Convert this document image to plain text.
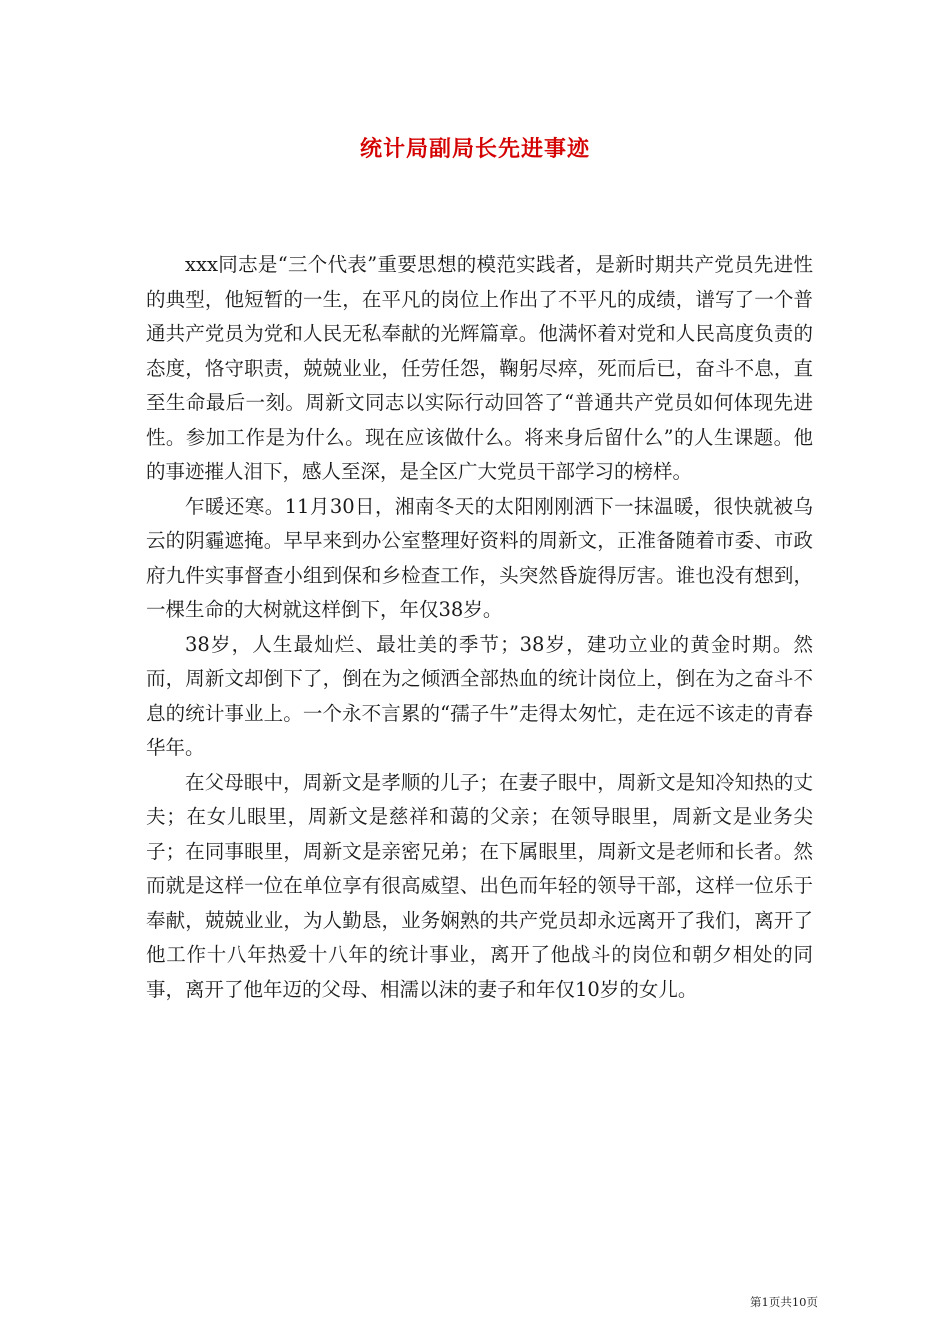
统计局副局长先进事迹

xxx同志是“三个代表”重要思想的模范实践者，是新时期共产党员先进性的典型，他短暂的一生，在平凡的岗位上作出了不平凡的成绩，谱写了一个普通共产党员为党和人民无私奉献的光辉篇章。他满怀着对党和人民高度负责的态度，恪守职责，兢兢业业，任劳任怨，鞠躬尽瘁，死而后已，奋斗不息，直至生命最后一刻。周新文同志以实际行动回答了“普通共产党员如何体现先进性。参加工作是为什么。现在应该做什么。将来身后留什么”的人生课题。他的事迹摧人泪下，感人至深，是全区广大党员干部学习的榜样。

乍暖还寒。11月30日，湘南冬天的太阳刚刚洒下一抹温暖，很快就被乌云的阴霾遮掩。早早来到办公室整理好资料的周新文，正准备随着市委、市政府九件实事督查小组到保和乡检查工作，头突然昏旋得厉害。谁也没有想到，一棵生命的大树就这样倒下，年仅38岁。

38岁，人生最灿烂、最壮美的季节；38岁，建功立业的黄金时期。然而，周新文却倒下了，倒在为之倾洒全部热血的统计岗位上，倒在为之奋斗不息的统计事业上。一个永不言累的“孺子牛”走得太匆忙，走在远不该走的青春华年。

在父母眼中，周新文是孝顺的儿子；在妻子眼中，周新文是知冷知热的丈夫；在女儿眼里，周新文是慈祥和蔼的父亲；在领导眼里，周新文是业务尖子；在同事眼里，周新文是亲密兄弟；在下属眼里，周新文是老师和长者。然而就是这样一位在单位享有很高威望、出色而年轻的领导干部，这样一位乐于奉献，兢兢业业，为人勤恳，业务娴熟的共产党员却永远离开了我们，离开了他工作十八年热爱十八年的统计事业，离开了他战斗的岗位和朝夕相处的同事，离开了他年迈的父母、相濡以沫的妻子和年仅10岁的女儿。

第1页共10页
